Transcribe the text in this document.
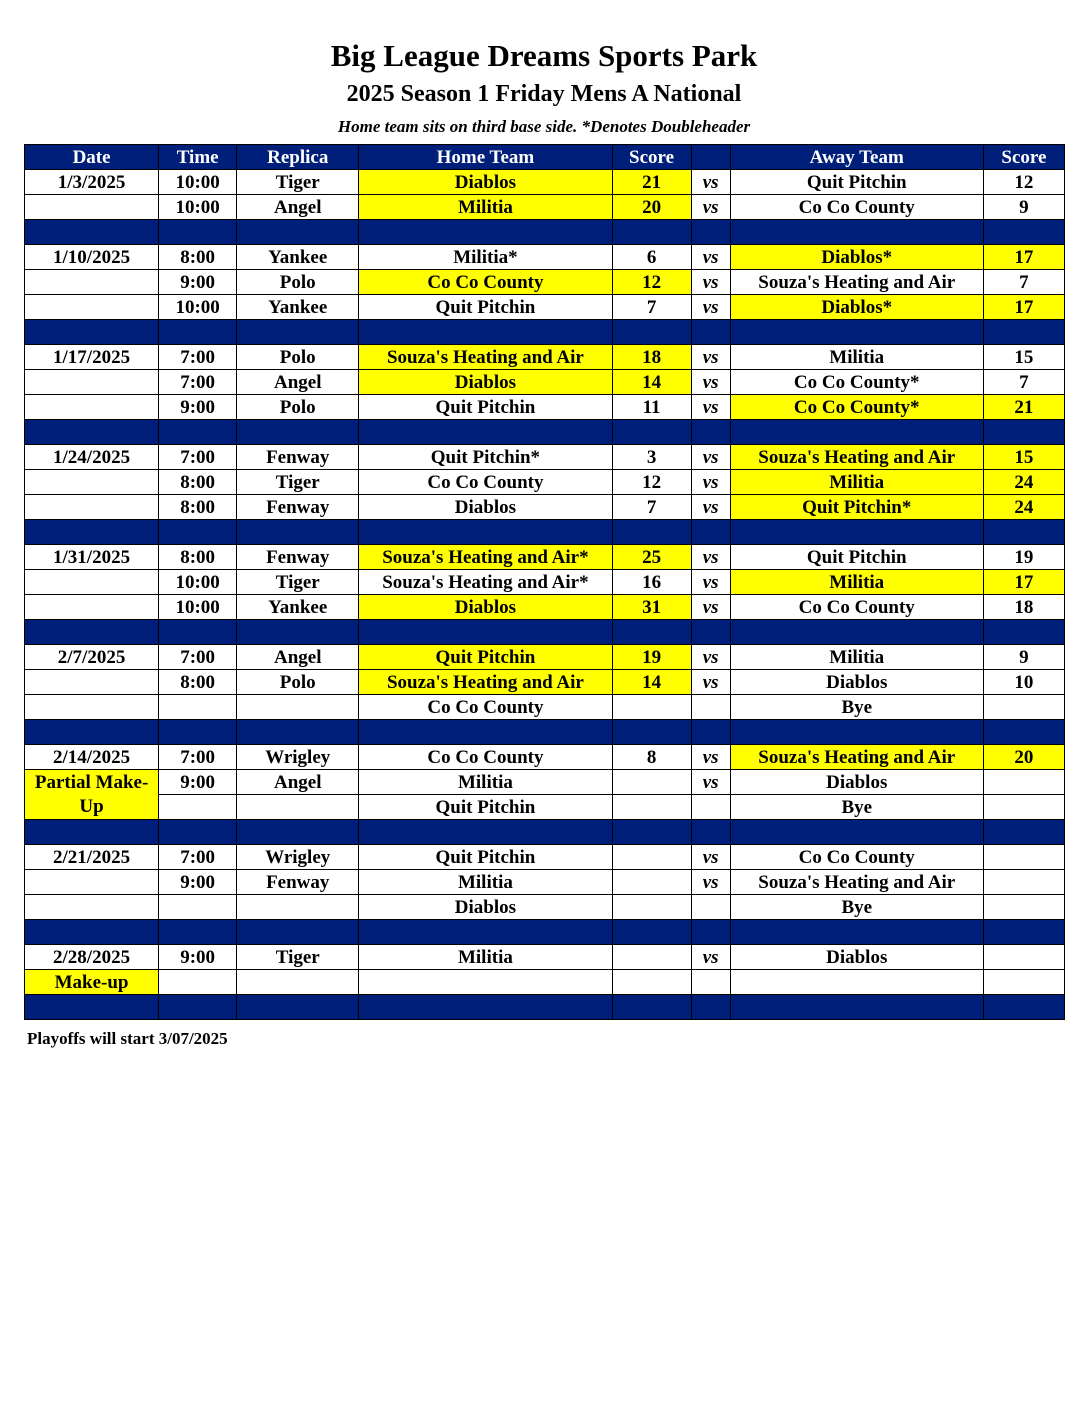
Big League Dreams Sports Park
2025 Season 1 Friday Mens A National
Home team sits on third base side. *Denotes Doubleheader
Date	Time	Replica	Home Team	Score		Away Team	Score
1/3/2025	10:00	Tiger	Diablos	21	vs	Quit Pitchin	12
	10:00	Angel	Militia	20	vs	Co Co County	9

1/10/2025	8:00	Yankee	Militia*	6	vs	Diablos*	17
	9:00	Polo	Co Co County	12	vs	Souza's Heating and Air	7
	10:00	Yankee	Quit Pitchin	7	vs	Diablos*	17

1/17/2025	7:00	Polo	Souza's Heating and Air	18	vs	Militia	15
	7:00	Angel	Diablos	14	vs	Co Co County*	7
	9:00	Polo	Quit Pitchin	11	vs	Co Co County*	21

1/24/2025	7:00	Fenway	Quit Pitchin*	3	vs	Souza's Heating and Air	15
	8:00	Tiger	Co Co County	12	vs	Militia	24
	8:00	Fenway	Diablos	7	vs	Quit Pitchin*	24

1/31/2025	8:00	Fenway	Souza's Heating and Air*	25	vs	Quit Pitchin	19
	10:00	Tiger	Souza's Heating and Air*	16	vs	Militia	17
	10:00	Yankee	Diablos	31	vs	Co Co County	18

2/7/2025	7:00	Angel	Quit Pitchin	19	vs	Militia	9
	8:00	Polo	Souza's Heating and Air	14	vs	Diablos	10
			Co Co County			Bye	

2/14/2025	7:00	Wrigley	Co Co County	8	vs	Souza's Heating and Air	20
Partial Make-Up	9:00	Angel	Militia		vs	Diablos	
			Quit Pitchin			Bye	

2/21/2025	7:00	Wrigley	Quit Pitchin		vs	Co Co County	
	9:00	Fenway	Militia		vs	Souza's Heating and Air	
			Diablos			Bye	

2/28/2025	9:00	Tiger	Militia		vs	Diablos	
Make-up							

Playoffs will start 3/07/2025
